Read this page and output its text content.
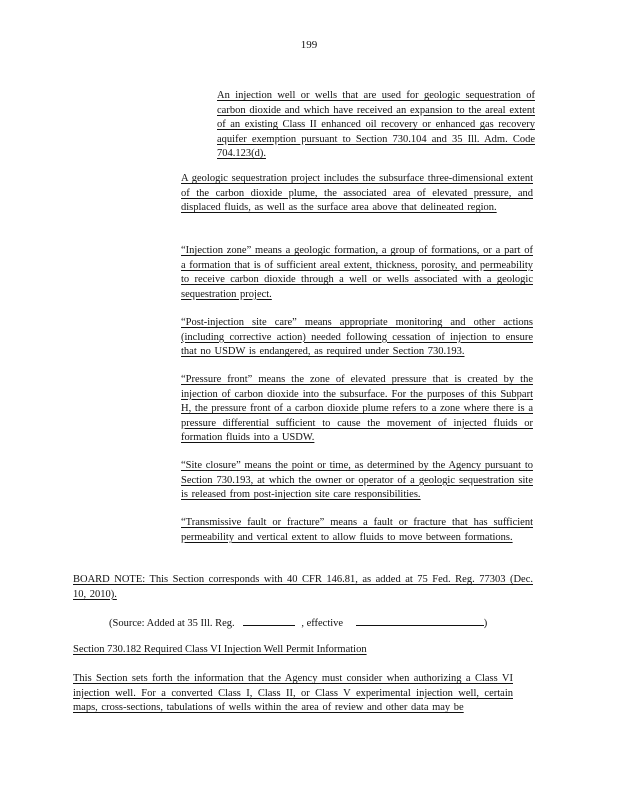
199

An injection well or wells that are used for geologic sequestration of carbon dioxide and which have received an expansion to the areal extent of an existing Class II enhanced oil recovery or enhanced gas recovery aquifer exemption pursuant to Section 730.104 and 35 Ill. Adm. Code 704.123(d).

A geologic sequestration project includes the subsurface three-dimensional extent of the carbon dioxide plume, the associated area of elevated pressure, and displaced fluids, as well as the surface area above that delineated region.

“Injection zone” means a geologic formation, a group of formations, or a part of a formation that is of sufficient areal extent, thickness, porosity, and permeability to receive carbon dioxide through a well or wells associated with a geologic sequestration project.

“Post-injection site care” means appropriate monitoring and other actions (including corrective action) needed following cessation of injection to ensure that no USDW is endangered, as required under Section 730.193.

“Pressure front” means the zone of elevated pressure that is created by the injection of carbon dioxide into the subsurface. For the purposes of this Subpart H, the pressure front of a carbon dioxide plume refers to a zone where there is a pressure differential sufficient to cause the movement of injected fluids or formation fluids into a USDW.

“Site closure” means the point or time, as determined by the Agency pursuant to Section 730.193, at which the owner or operator of a geologic sequestration site is released from post-injection site care responsibilities.

“Transmissive fault or fracture” means a fault or fracture that has sufficient permeability and vertical extent to allow fluids to move between formations.

BOARD NOTE: This Section corresponds with 40 CFR 146.81, as added at 75 Fed. Reg. 77303 (Dec. 10, 2010).

(Source: Added at 35 Ill. Reg.	, effective	)
Section 730.182 Required Class VI Injection Well Permit Information

This Section sets forth the information that the Agency must consider when authorizing a Class VI injection well. For a converted Class I, Class II, or Class V experimental injection well, certain maps, cross-sections, tabulations of wells within the area of review and other data may be
